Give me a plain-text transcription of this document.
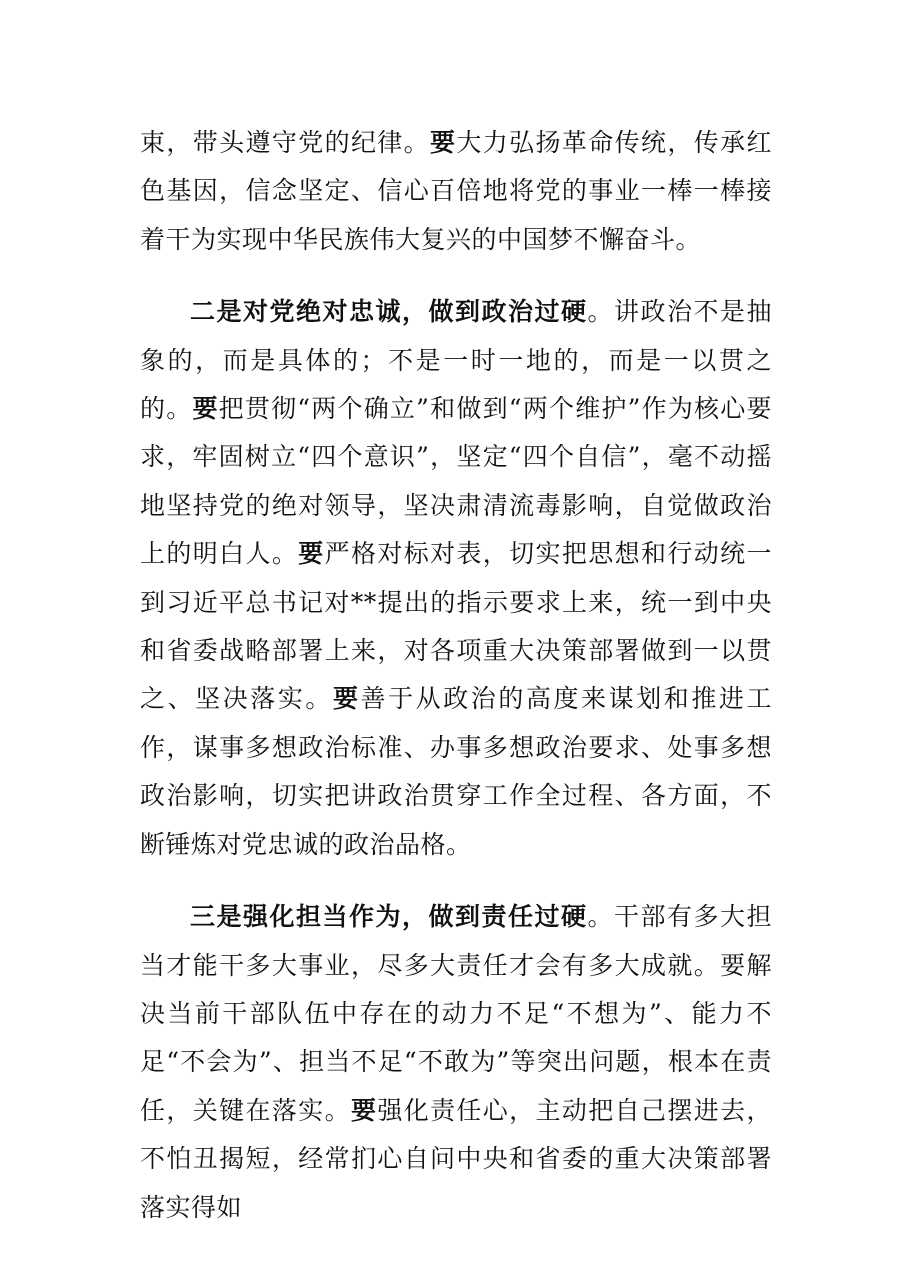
束，带头遵守党的纪律。要大力弘扬革命传统，传承红色基因，信念坚定、信心百倍地将党的事业一棒一棒接着干为实现中华民族伟大复兴的中国梦不懈奋斗。

二是对党绝对忠诚，做到政治过硬。讲政治不是抽象的，而是具体的；不是一时一地的，而是一以贯之的。要把贯彻“两个确立”和做到“两个维护”作为核心要求，牢固树立“四个意识”，坚定“四个自信”，毫不动摇地坚持党的绝对领导，坚决肃清流毒影响，自觉做政治上的明白人。要严格对标对表，切实把思想和行动统一到习近平总书记对**提出的指示要求上来，统一到中央和省委战略部署上来，对各项重大决策部署做到一以贯之、坚决落实。要善于从政治的高度来谋划和推进工作，谋事多想政治标准、办事多想政治要求、处事多想政治影响，切实把讲政治贯穿工作全过程、各方面，不断锤炼对党忠诚的政治品格。

三是强化担当作为，做到责任过硬。干部有多大担当才能干多大事业，尽多大责任才会有多大成就。要解决当前干部队伍中存在的动力不足“不想为”、能力不足“不会为”、担当不足“不敢为”等突出问题，根本在责任，关键在落实。要强化责任心，主动把自己摆进去，不怕丑揭短，经常扪心自问中央和省委的重大决策部署落实得如
